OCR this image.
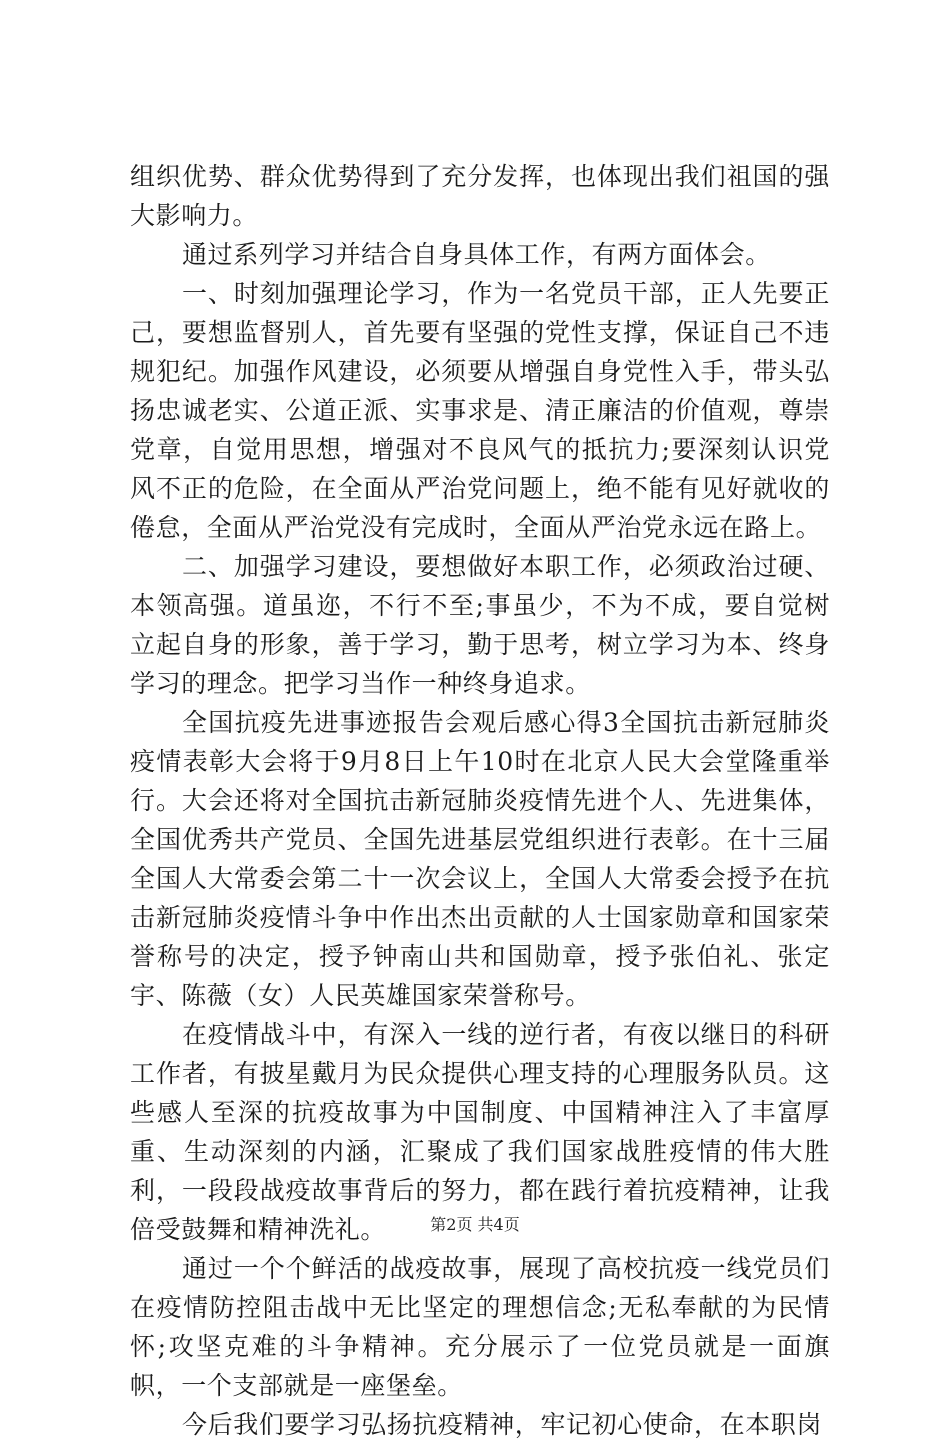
组织优势、群众优势得到了充分发挥，也体现出我们祖国的强大影响力。

通过系列学习并结合自身具体工作，有两方面体会。

一、时刻加强理论学习，作为一名党员干部，正人先要正己，要想监督别人，首先要有坚强的党性支撑，保证自己不违规犯纪。加强作风建设，必须要从增强自身党性入手，带头弘扬忠诚老实、公道正派、实事求是、清正廉洁的价值观，尊崇党章，自觉用思想，增强对不良风气的抵抗力;要深刻认识党风不正的危险，在全面从严治党问题上，绝不能有见好就收的倦怠，全面从严治党没有完成时，全面从严治党永远在路上。

二、加强学习建设，要想做好本职工作，必须政治过硬、本领高强。道虽迩，不行不至;事虽少，不为不成，要自觉树立起自身的形象，善于学习，勤于思考，树立学习为本、终身学习的理念。把学习当作一种终身追求。

全国抗疫先进事迹报告会观后感心得3全国抗击新冠肺炎疫情表彰大会将于9月8日上午10时在北京人民大会堂隆重举行。大会还将对全国抗击新冠肺炎疫情先进个人、先进集体，全国优秀共产党员、全国先进基层党组织进行表彰。在十三届全国人大常委会第二十一次会议上，全国人大常委会授予在抗击新冠肺炎疫情斗争中作出杰出贡献的人士国家勋章和国家荣誉称号的决定，授予钟南山共和国勋章，授予张伯礼、张定宇、陈薇（女）人民英雄国家荣誉称号。

在疫情战斗中，有深入一线的逆行者，有夜以继日的科研工作者，有披星戴月为民众提供心理支持的心理服务队员。这些感人至深的抗疫故事为中国制度、中国精神注入了丰富厚重、生动深刻的内涵，汇聚成了我们国家战胜疫情的伟大胜利，一段段战疫故事背后的努力，都在践行着抗疫精神，让我倍受鼓舞和精神洗礼。

通过一个个鲜活的战疫故事，展现了高校抗疫一线党员们在疫情防控阻击战中无比坚定的理想信念;无私奉献的为民情怀;攻坚克难的斗争精神。充分展示了一位党员就是一面旗帜，一个支部就是一座堡垒。

今后我们要学习弘扬抗疫精神，牢记初心使命，在本职岗

第2页 共4页
